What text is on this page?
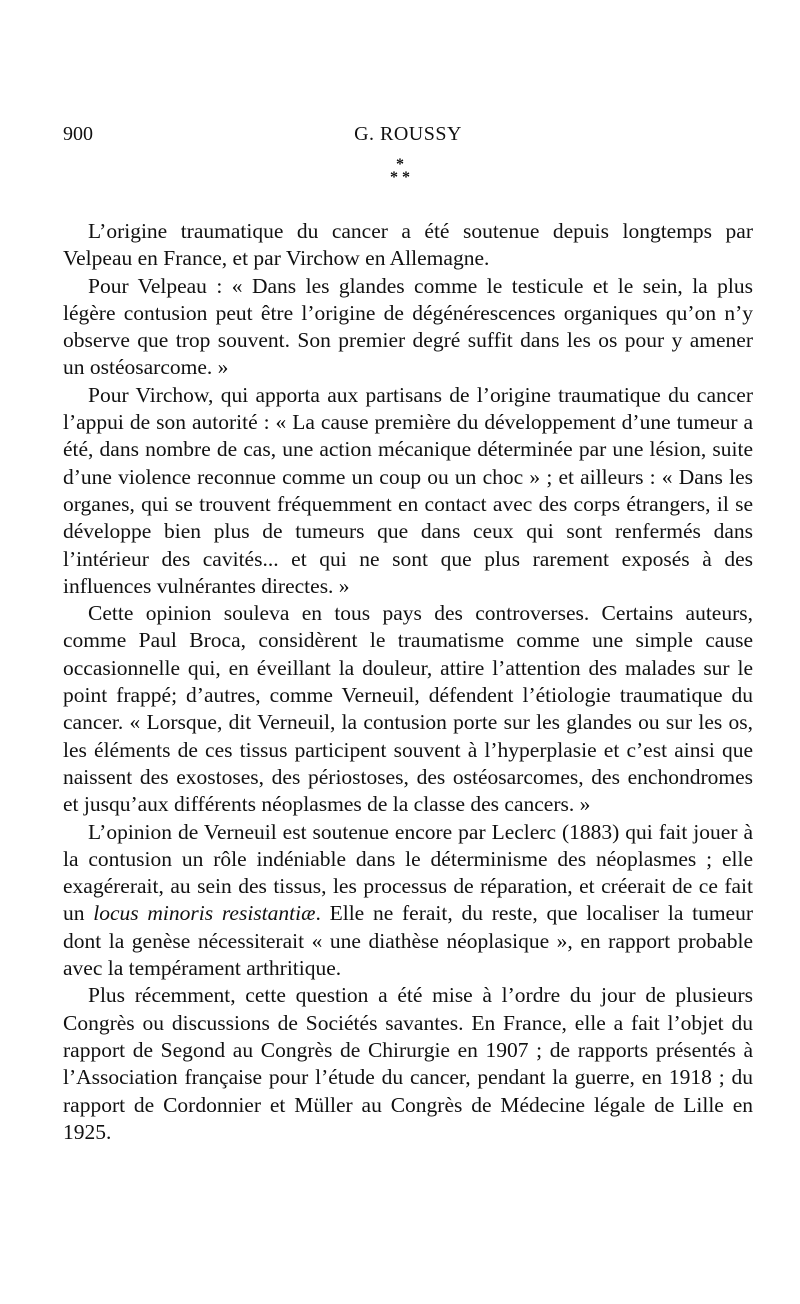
900	G. ROUSSY
*
* *

L’origine traumatique du cancer a été soutenue depuis longtemps par Velpeau en France, et par Virchow en Allemagne.

Pour Velpeau : « Dans les glandes comme le testicule et le sein, la plus légère contusion peut être l’origine de dégénérescences organiques qu’on n’y observe que trop souvent. Son premier degré suffit dans les os pour y amener un ostéosarcome. »

Pour Virchow, qui apporta aux partisans de l’origine traumatique du cancer l’appui de son autorité : « La cause première du développement d’une tumeur a été, dans nombre de cas, une action mécanique déterminée par une lésion, suite d’une violence reconnue comme un coup ou un choc » ; et ailleurs : « Dans les organes, qui se trouvent fréquemment en contact avec des corps étrangers, il se développe bien plus de tumeurs que dans ceux qui sont renfermés dans l’intérieur des cavités... et qui ne sont que plus rarement exposés à des influences vulnérantes directes. »

Cette opinion souleva en tous pays des controverses. Certains auteurs, comme Paul Broca, considèrent le traumatisme comme une simple cause occasionnelle qui, en éveillant la douleur, attire l’attention des malades sur le point frappé; d’autres, comme Verneuil, défendent l’étiologie traumatique du cancer. « Lorsque, dit Verneuil, la contusion porte sur les glandes ou sur les os, les éléments de ces tissus participent souvent à l’hyperplasie et c’est ainsi que naissent des exostoses, des périostoses, des ostéosarcomes, des enchondromes et jusqu’aux différents néoplasmes de la classe des cancers. »

L’opinion de Verneuil est soutenue encore par Leclerc (1883) qui fait jouer à la contusion un rôle indéniable dans le déterminisme des néoplasmes ; elle exagérerait, au sein des tissus, les processus de réparation, et créerait de ce fait un locus minoris resistantiæ. Elle ne ferait, du reste, que localiser la tumeur dont la genèse nécessiterait « une diathèse néoplasique », en rapport probable avec la tempérament arthritique.

Plus récemment, cette question a été mise à l’ordre du jour de plusieurs Congrès ou discussions de Sociétés savantes. En France, elle a fait l’objet du rapport de Segond au Congrès de Chirurgie en 1907 ; de rapports présentés à l’Association française pour l’étude du cancer, pendant la guerre, en 1918 ; du rapport de Cordonnier et Müller au Congrès de Médecine légale de Lille en 1925.
